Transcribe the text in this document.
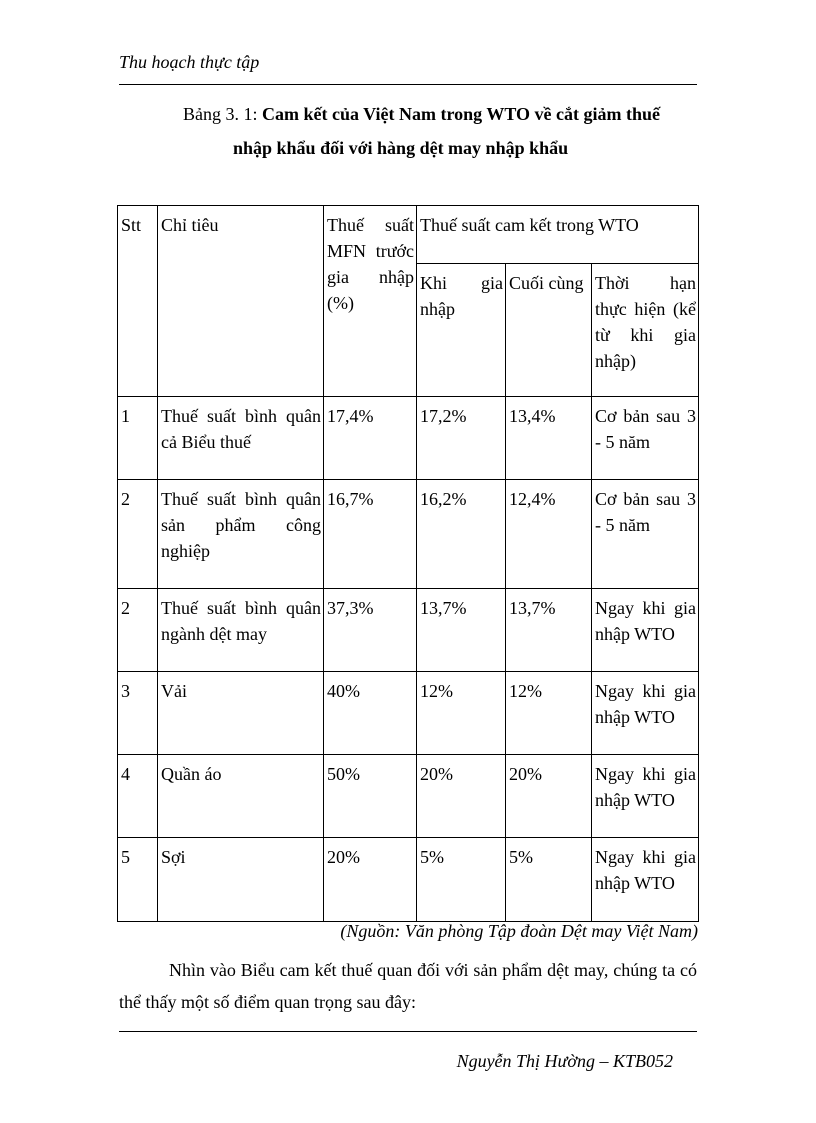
Thu hoạch thực tập
Bảng 3. 1: Cam kết của Việt Nam trong WTO về cắt giảm thuế
nhập khẩu đối với hàng dệt may nhập khẩu
Stt	Chỉ tiêu	Thuế suất MFN trước gia nhập (%)	Thuế suất cam kết trong WTO		
			Khi gia nhập	Cuối cùng	Thời hạn thực hiện (kể từ khi gia nhập)
1	Thuế suất bình quân cả Biểu thuế	17,4%	17,2%	13,4%	Cơ bản sau 3 - 5 năm
2	Thuế suất bình quân sản phẩm công nghiệp	16,7%	16,2%	12,4%	Cơ bản sau 3 - 5 năm
2	Thuế suất bình quân ngành dệt may	37,3%	13,7%	13,7%	Ngay khi gia nhập WTO
3	Vải	40%	12%	12%	Ngay khi gia nhập WTO
4	Quần áo	50%	20%	20%	Ngay khi gia nhập WTO
5	Sợi	20%	5%	5%	Ngay khi gia nhập WTO
(Nguồn: Văn phòng Tập đoàn Dệt may Việt Nam)
Nhìn vào Biểu cam kết thuế quan đối với sản phẩm dệt may, chúng ta có thể thấy một số điểm quan trọng sau đây:
Nguyễn Thị Hường – KTB052
